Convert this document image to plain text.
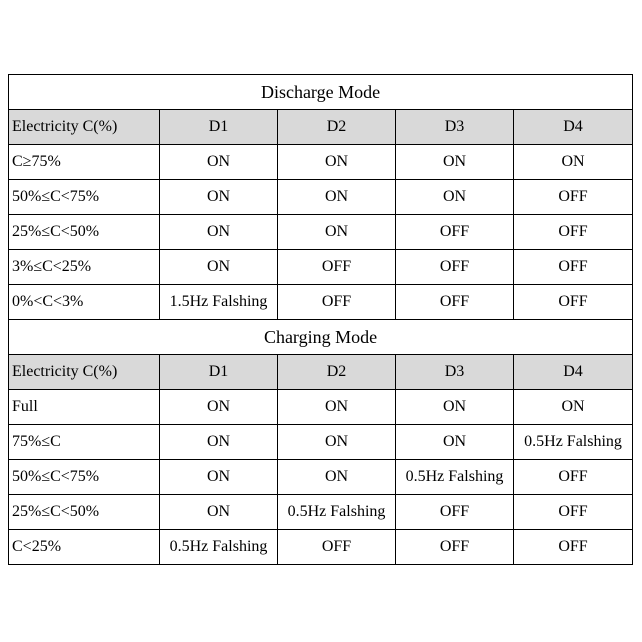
Discharge Mode				
Electricity C(%)	D1	D2	D3	D4
C≥75%	ON	ON	ON	ON
50%≤C<75%	ON	ON	ON	OFF
25%≤C<50%	ON	ON	OFF	OFF
3%≤C<25%	ON	OFF	OFF	OFF
0%<C<3%	1.5Hz Falshing	OFF	OFF	OFF
Charging Mode				
Electricity C(%)	D1	D2	D3	D4
Full	ON	ON	ON	ON
75%≤C	ON	ON	ON	0.5Hz Falshing
50%≤C<75%	ON	ON	0.5Hz Falshing	OFF
25%≤C<50%	ON	0.5Hz Falshing	OFF	OFF
C<25%	0.5Hz Falshing	OFF	OFF	OFF
